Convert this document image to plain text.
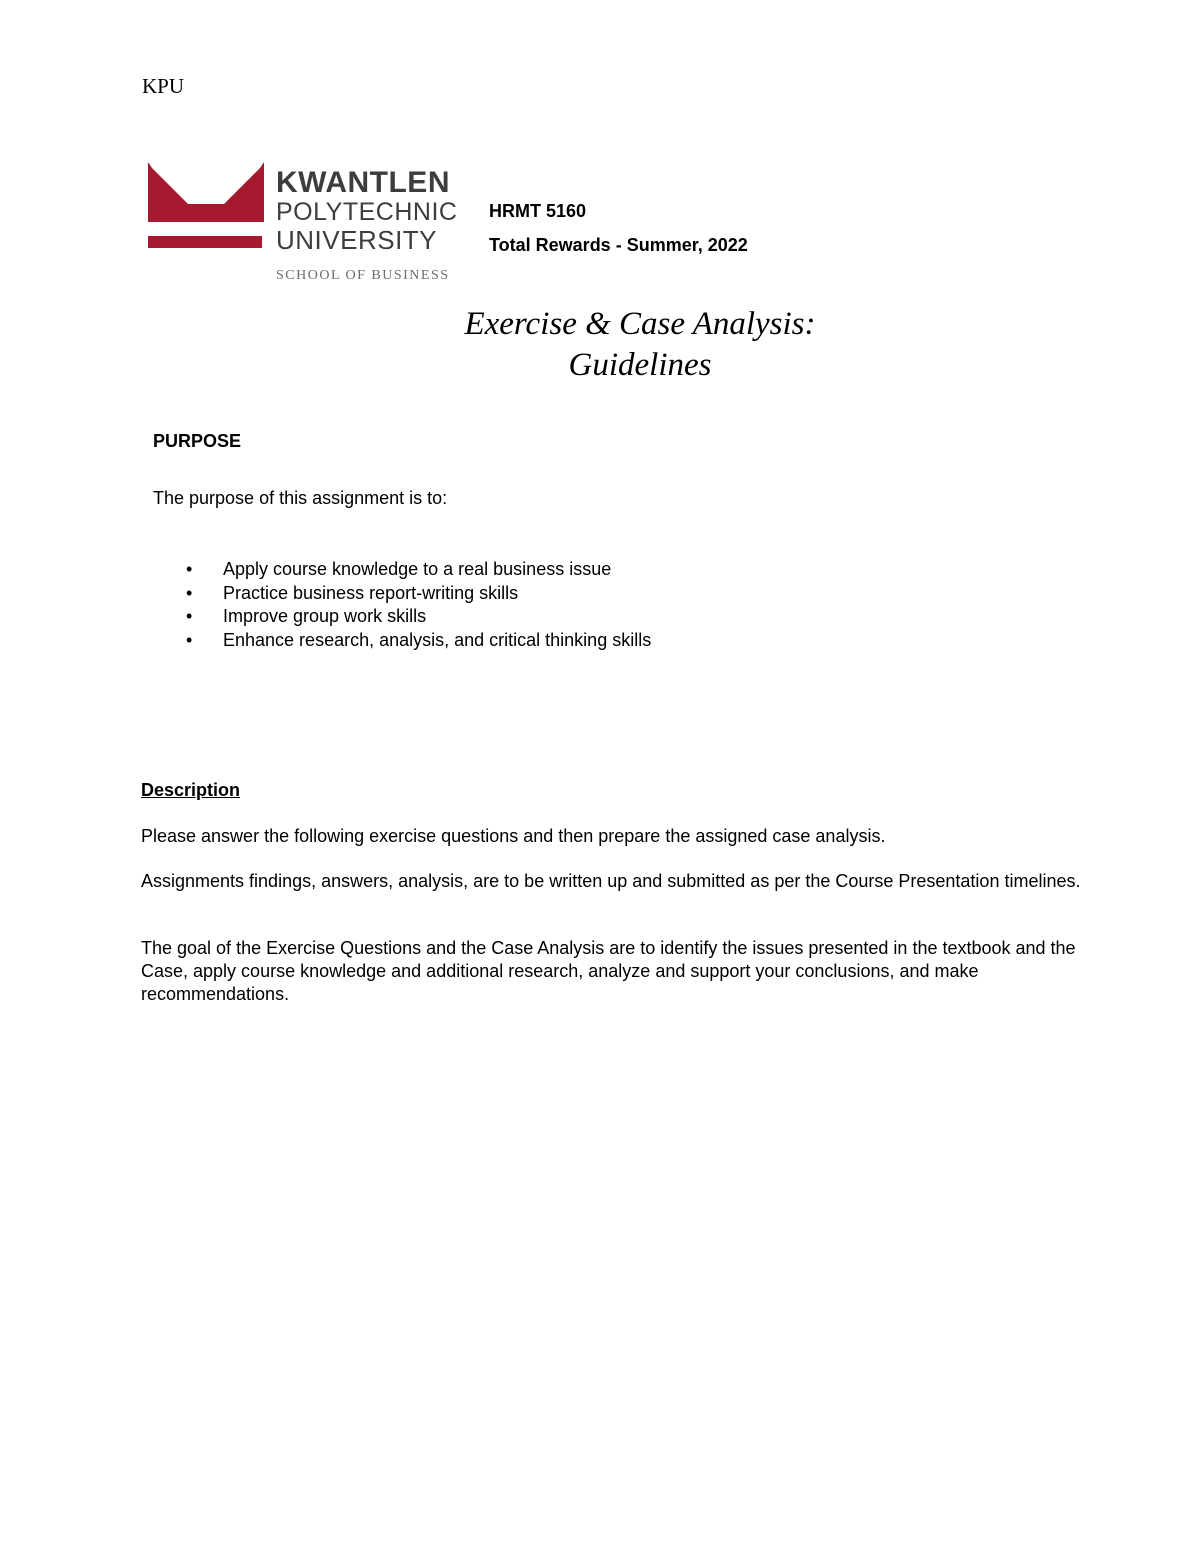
KPU
KWANTLEN
POLYTECHNIC
UNIVERSITY
SCHOOL OF BUSINESS
HRMT 5160
Total Rewards - Summer, 2022
Exercise & Case Analysis:
Guidelines
PURPOSE
The purpose of this assignment is to:
• Apply course knowledge to a real business issue
• Practice business report-writing skills
• Improve group work skills
• Enhance research, analysis, and critical thinking skills
Description

Please answer the following exercise questions and then prepare the assigned case analysis.

Assignments findings, answers, analysis, are to be written up and submitted as per the Course Presentation timelines.

The goal of the Exercise Questions and the Case Analysis are to identify the issues presented in the textbook and the Case, apply course knowledge and additional research, analyze and support your conclusions, and make recommendations.
